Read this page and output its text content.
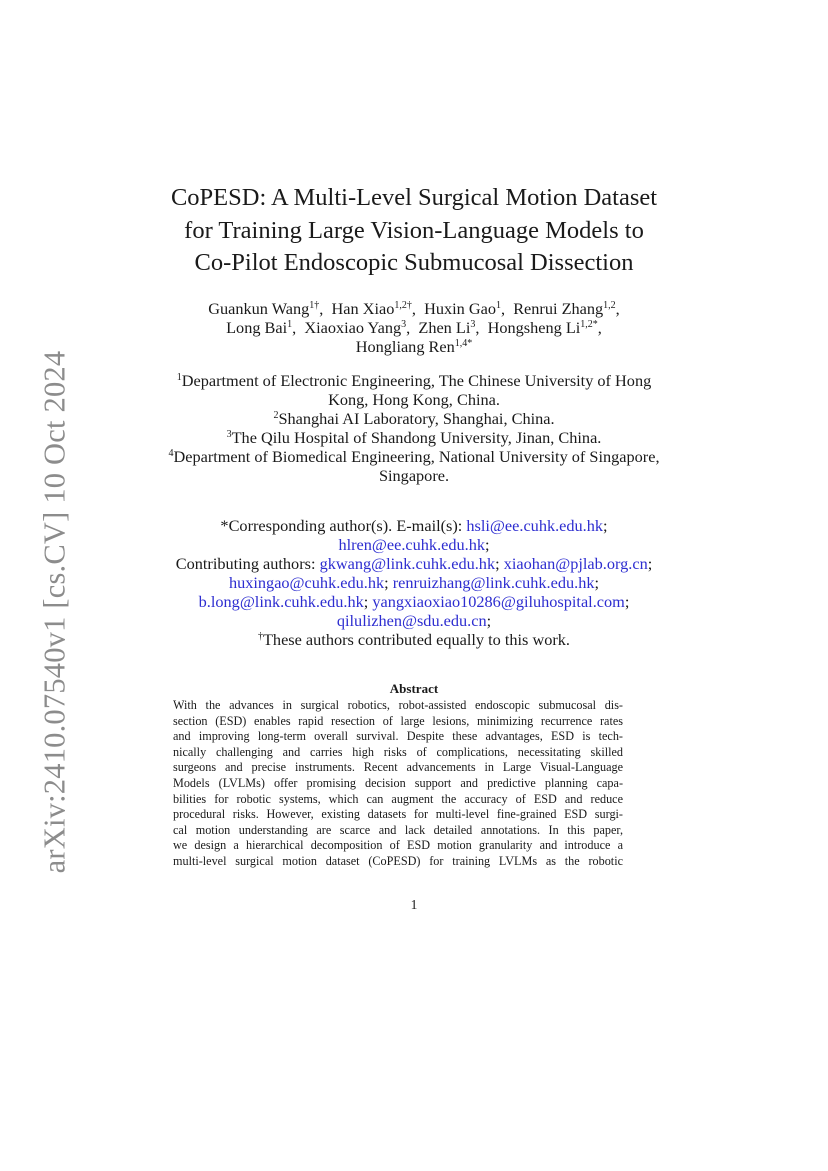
arXiv:2410.07540v1 [cs.CV] 10 Oct 2024
CoPESD: A Multi-Level Surgical Motion Dataset
for Training Large Vision-Language Models to
Co-Pilot Endoscopic Submucosal Dissection
Guankun Wang$^{1\dagger}$, Han Xiao$^{1,2\dagger}$, Huxin Gao$^1$, Renrui Zhang$^{1,2}$,
Long Bai$^1$, Xiaoxiao Yang$^3$, Zhen Li$^3$, Hongsheng $Li^{1,2*}$,
Hongliang Ren$^{1,4*}$
$^1$Department of Electronic Engineering, The Chinese University of Hong
Kong, Hong Kong, China.
$^2$Shanghai AI Laboratory, Shanghai, China.
$^3$The Qilu Hospital of Shandong University, Jinan, China.
$^4$Department of Biomedical Engineering, National University of Singapore,
Singapore.
*Corresponding author(s). E-mail(s): hsli@ee.cuhk.edu.hk;
hlren@ee.cuhk.edu.hk;
Contributing authors: gkwang@link.cuhk.edu.hk; xiaohan@pjlab.org.cn;
huxingao@cuhk.edu.hk; renruizhang@link.cuhk.edu.hk;
b.long@link.cuhk.edu.hk; yangxiaoxiao10286@giluhospital.com;
qilulizhen@sdu.edu.cn;
†These authors contributed equally to this work.
Abstract
With the advances in surgical robotics, robot-assisted endoscopic submucosal dis-
section (ESD) enables rapid resection of large lesions, minimizing recurrence rates
and improving long-term overall survival. Despite these advantages, ESD is tech-
nically challenging and carries high risks of complications, necessitating skilled
surgeons and precise instruments. Recent advancements in Large Visual-Language
Models (LVLMs) offer promising decision support and predictive planning capa-
bilities for robotic systems, which can augment the accuracy of ESD and reduce
procedural risks. However, existing datasets for multi-level fine-grained ESD surgi-
cal motion understanding are scarce and lack detailed annotations. In this paper,
we design a hierarchical decomposition of ESD motion granularity and introduce a
multi-level surgical motion dataset (CoPESD) for training LVLMs as the robotic
1
